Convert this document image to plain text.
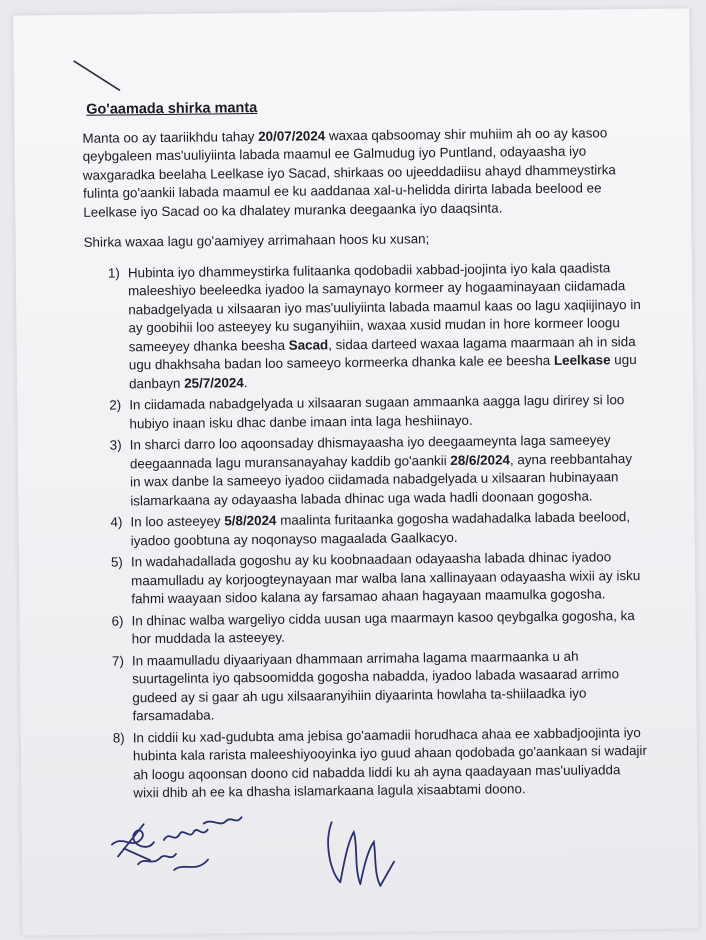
Go'aamada shirka manta

Manta oo ay taariikhdu tahay 20/07/2024 waxaa qabsoomay shir muhiim ah oo ay kasoo qeybgaleen mas'uuliyiinta labada maamul ee Galmudug iyo Puntland, odayaasha iyo waxgaradka beelaha Leelkase iyo Sacad, shirkaas oo ujeeddadiisu ahayd dhammeystirka fulinta go'aankii labada maamul ee ku aaddanaa xal-u-helidda dirirta labada beelood ee Leelkase iyo Sacad oo ka dhalatey muranka deegaanka iyo daaqsinta.

Shirka waxaa lagu go'aamiyey arrimahaan hoos ku xusan;

1) Hubinta iyo dhammeystirka fulitaanka qodobadii xabbad-joojinta iyo kala qaadista maleeshiyo beeleedka iyadoo la samaynayo kormeer ay hogaaminayaan ciidamada nabadgelyada u xilsaaran iyo mas'uuliyiinta labada maamul kaas oo lagu xaqiijinayo in ay goobihii loo asteeyey ku suganyihiin, waxaa xusid mudan in hore kormeer loogu sameeyey dhanka beesha Sacad, sidaa darteed waxaa lagama maarmaan ah in sida ugu dhakhsaha badan loo sameeyo kormeerka dhanka kale ee beesha Leelkase ugu danbayn 25/7/2024.
2) In ciidamada nabadgelyada u xilsaaran sugaan ammaanka aagga lagu dirirey si loo hubiyo inaan isku dhac danbe imaan inta laga heshiinayo.
3) In sharci darro loo aqoonsaday dhismayaasha iyo deegaameynta laga sameeyey deegaannada lagu muransanayahay kaddib go'aankii 28/6/2024, ayna reebbantahay in wax danbe la sameeyo iyadoo ciidamada nabadgelyada u xilsaaran hubinayaan islamarkaana ay odayaasha labada dhinac uga wada hadli doonaan gogosha.
4) In loo asteeyey 5/8/2024 maalinta furitaanka gogosha wadahadalka labada beelood, iyadoo goobtuna ay noqonayso magaalada Gaalkacyo.
5) In wadahadallada gogoshu ay ku koobnaadaan odayaasha labada dhinac iyadoo maamulladu ay korjoogteynayaan mar walba lana xallinayaan odayaasha wixii ay isku fahmi waayaan sidoo kalana ay farsamao ahaan hagayaan maamulka gogosha.
6) In dhinac walba wargeliyo cidda uusan uga maarmayn kasoo qeybgalka gogosha, ka hor muddada la asteeyey.
7) In maamulladu diyaariyaan dhammaan arrimaha lagama maarmaanka u ah suurtagelinta iyo qabsoomidda gogosha nabadda, iyadoo labada wasaarad arrimo gudeed ay si gaar ah ugu xilsaaranyihiin diyaarinta howlaha ta-shiilaadka iyo farsamadaba.
8) In ciddii ku xad-gudubta ama jebisa go'aamadii horudhaca ahaa ee xabbadjoojinta iyo hubinta kala rarista maleeshiyooyinka iyo guud ahaan qodobada go'aankaan si wadajir ah loogu aqoonsan doono cid nabadda liddi ku ah ayna qaadayaan mas'uuliyadda wixii dhib ah ee ka dhasha islamarkaana lagula xisaabtami doono.
